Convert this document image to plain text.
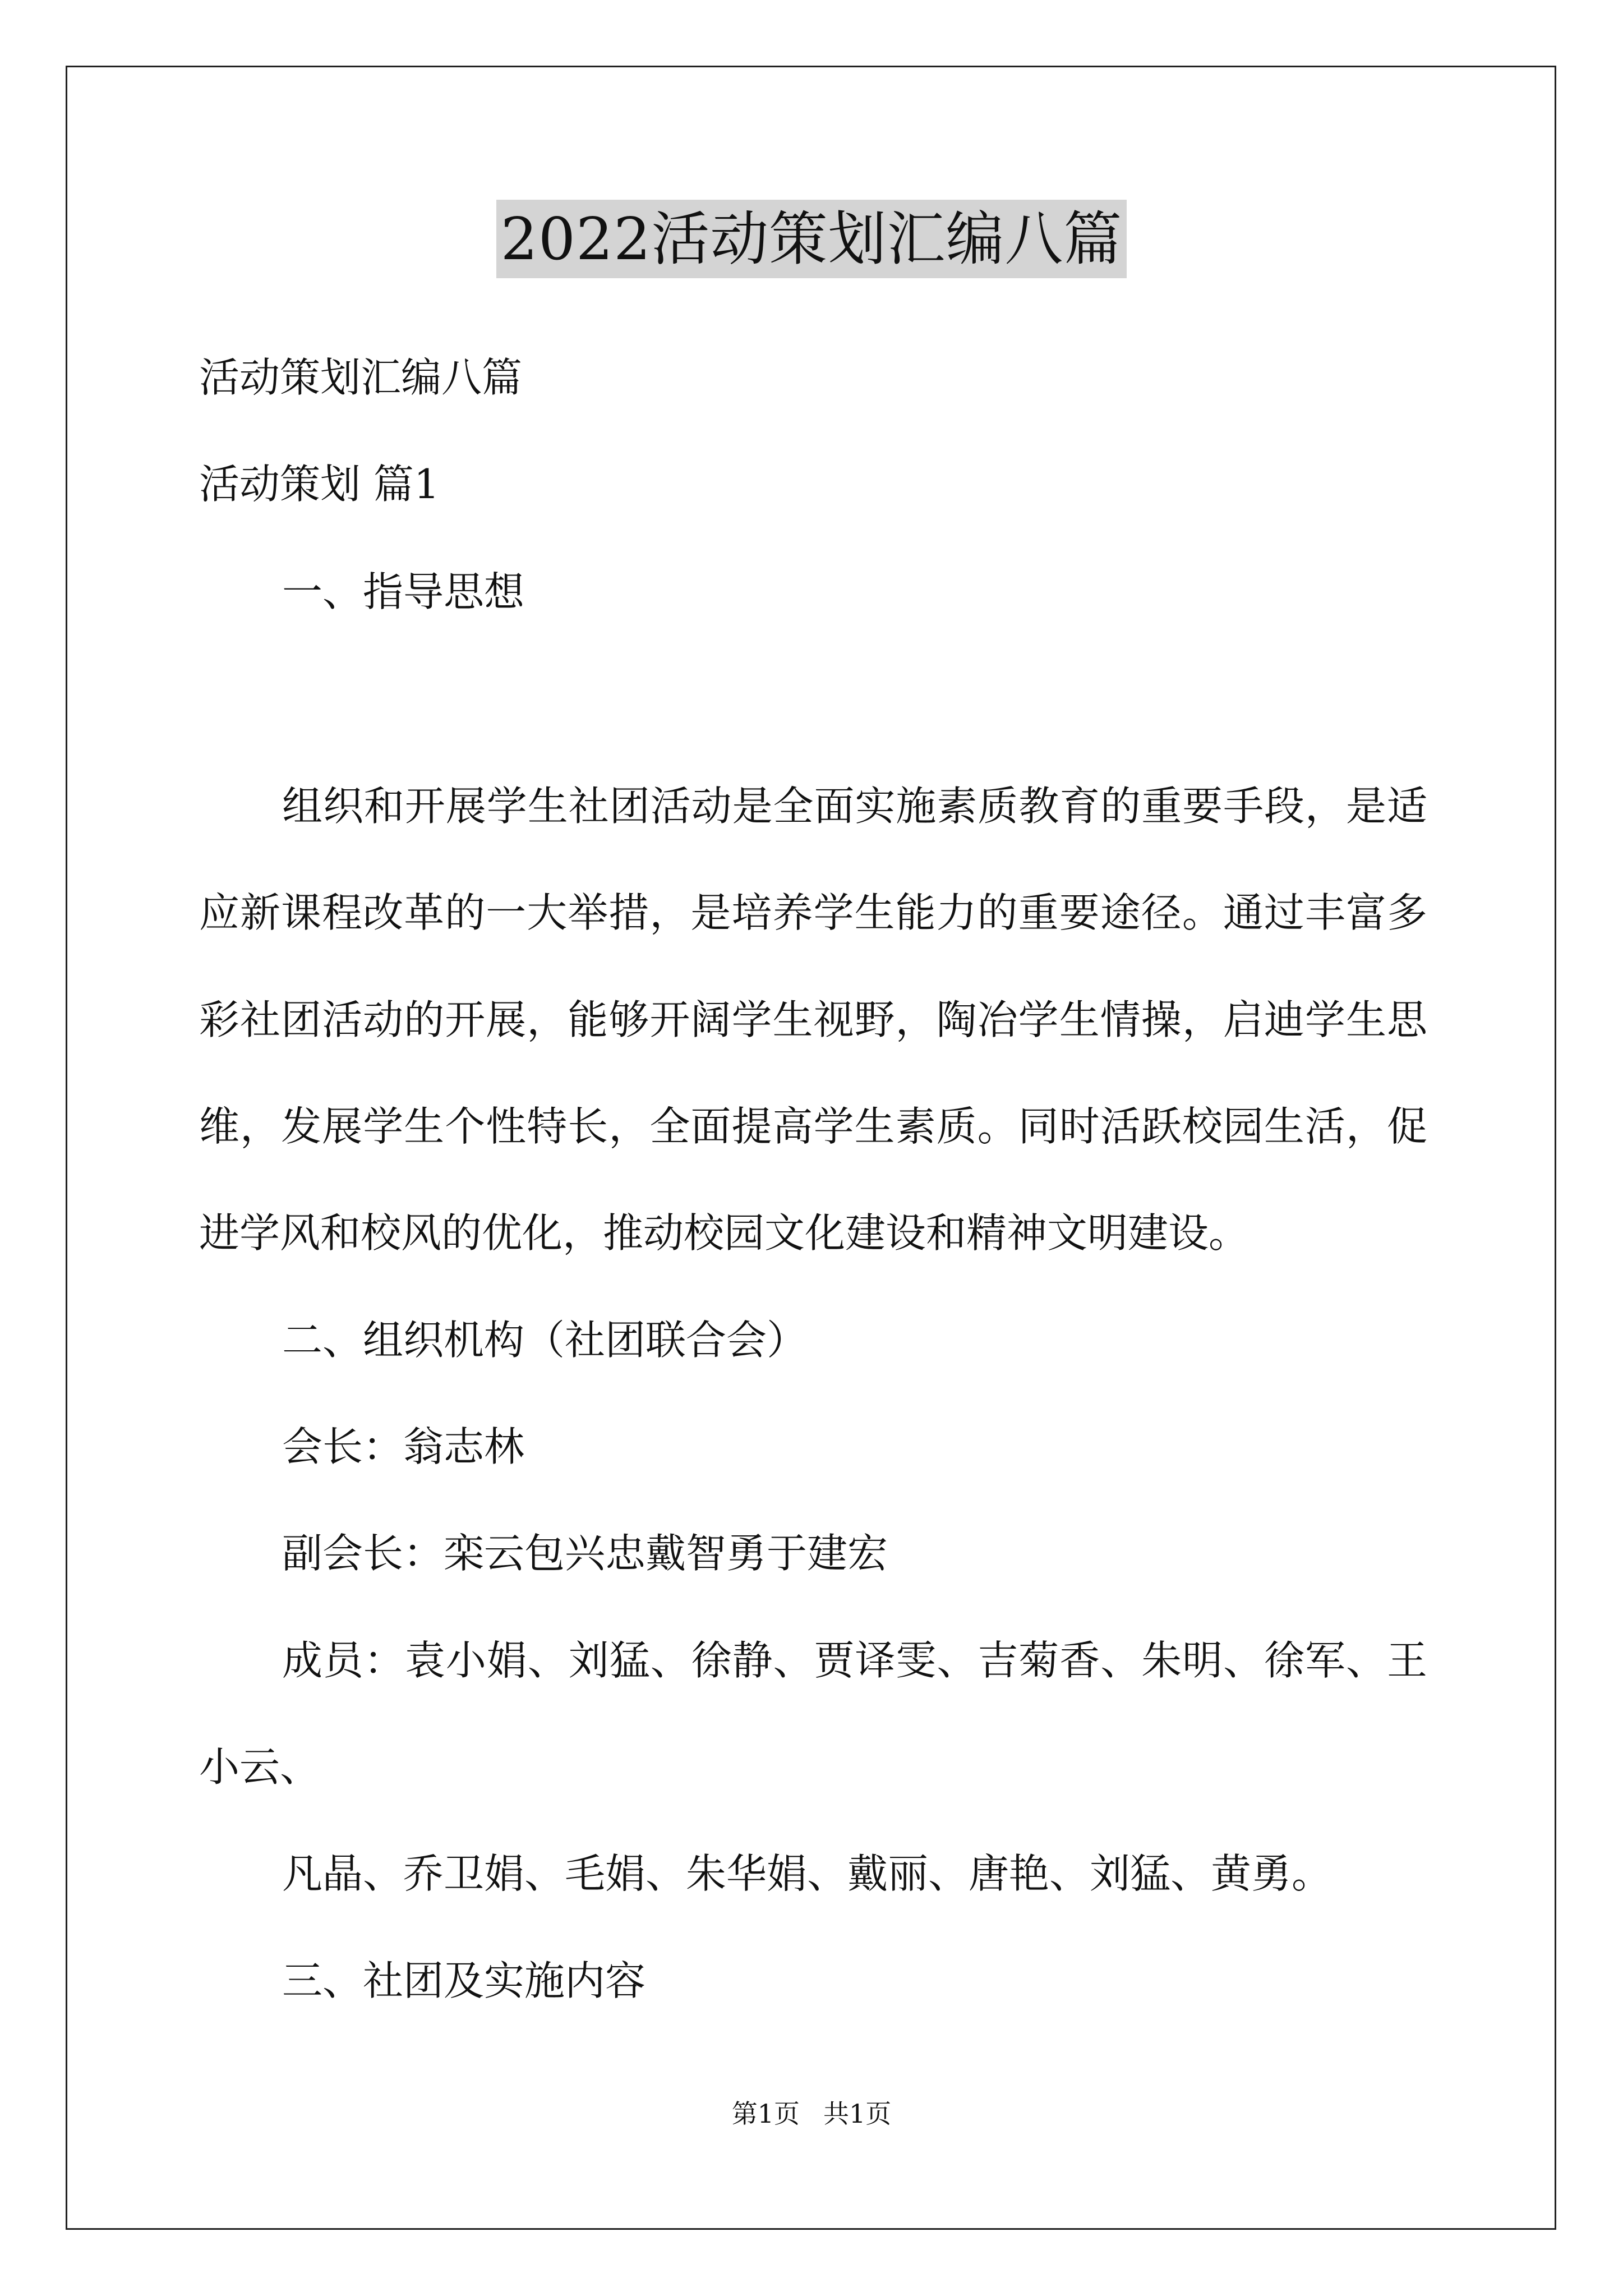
2022活动策划汇编八篇
活动策划汇编八篇
活动策划 篇1
一、指导思想
组织和开展学生社团活动是全面实施素质教育的重要手段，是适
应新课程改革的一大举措，是培养学生能力的重要途径。通过丰富多
彩社团活动的开展，能够开阔学生视野，陶冶学生情操，启迪学生思
维，发展学生个性特长，全面提高学生素质。同时活跃校园生活，促
进学风和校风的优化，推动校园文化建设和精神文明建设。
二、组织机构（社团联合会）
会长：翁志林
副会长：栾云包兴忠戴智勇于建宏
成员：袁小娟、刘猛、徐静、贾译雯、吉菊香、朱明、徐军、王
小云、
凡晶、乔卫娟、毛娟、朱华娟、戴丽、唐艳、刘猛、黄勇。
三、社团及实施内容
第1页 共1页
